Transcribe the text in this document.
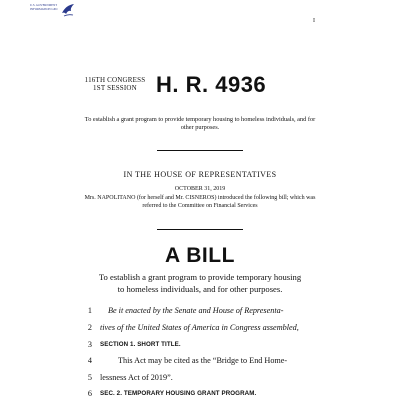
U.S. GOVERNMENT INFORMATION GPO
I
116TH CONGRESS
1ST SESSION H. R. 4936
To establish a grant program to provide temporary housing to homeless individuals, and for other purposes.
IN THE HOUSE OF REPRESENTATIVES
OCTOBER 31, 2019
Mrs. NAPOLITANO (for herself and Mr. CISNEROS) introduced the following bill; which was referred to the Committee on Financial Services
A BILL
To establish a grant program to provide temporary housing
to homeless individuals, and for other purposes.
1 Be it enacted by the Senate and House of Representa-
2 tives of the United States of America in Congress assembled,
3 SECTION 1. SHORT TITLE.
4	This Act may be cited as the “Bridge to End Home-
5 lessness Act of 2019”.
6 SEC. 2. TEMPORARY HOUSING GRANT PROGRAM.
